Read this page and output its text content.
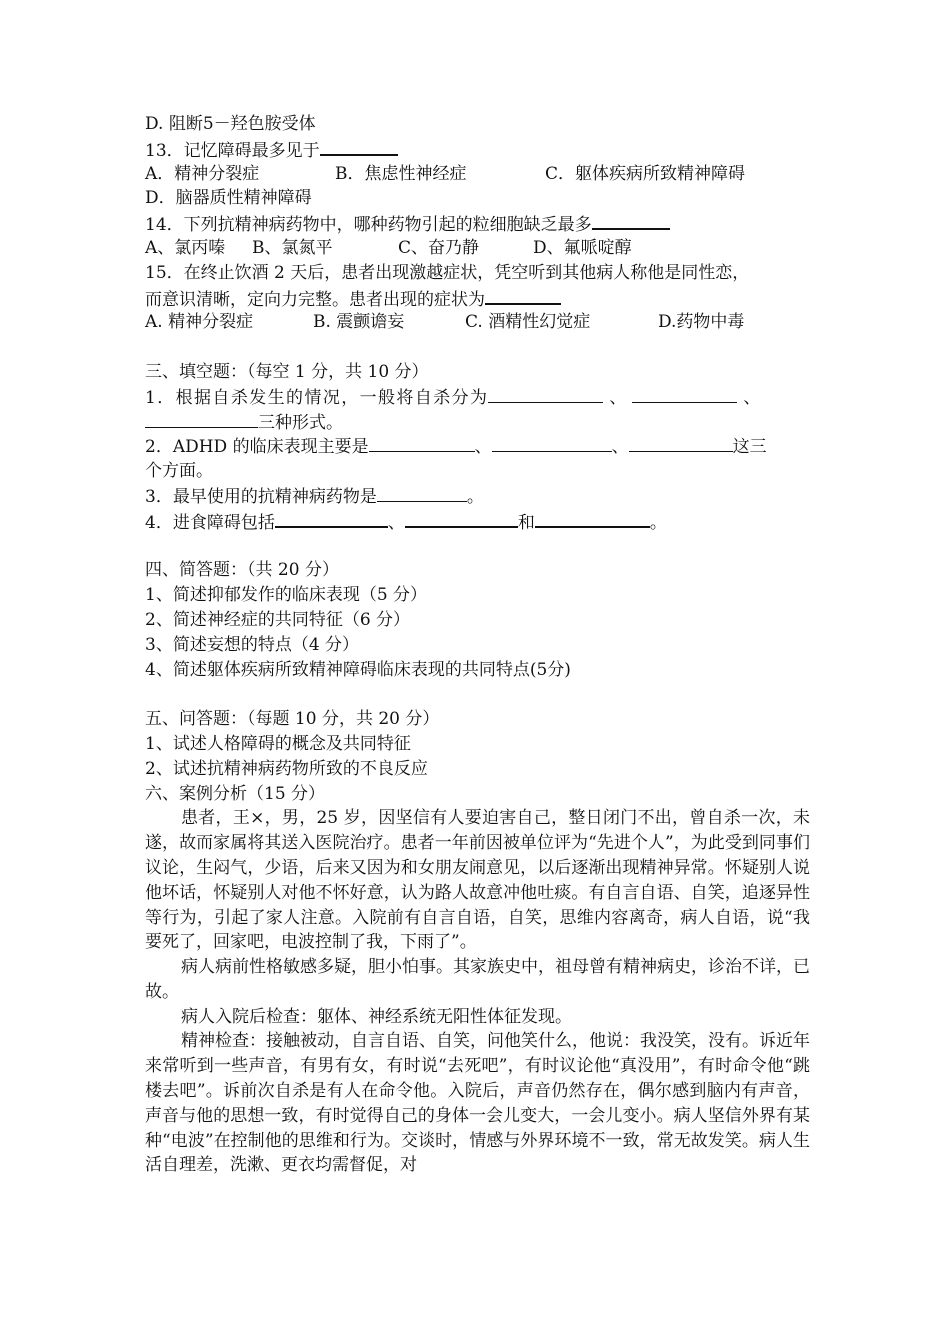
D. 阻断5－羟色胺受体
13．记忆障碍最多见于
A．精神分裂症	B．焦虑性神经症	C．躯体疾病所致精神障碍
D．脑器质性精神障碍
14．下列抗精神病药物中，哪种药物引起的粒细胞缺乏最多
A、氯丙嗪 B、氯氮平	C、奋乃静	D、氟哌啶醇
15．在终止饮酒 2 天后，患者出现激越症状，凭空听到其他病人称他是同性恋，
而意识清晰，定向力完整。患者出现的症状为
A. 精神分裂症	B. 震颤谵妄	C. 酒精性幻觉症	D.药物中毒
三、填空题：（每空 1 分，共 10 分）
1．根据自杀发生的情况，一般将自杀分为	、	、
三种形式。
2．ADHD 的临床表现主要是	、	、	这三
个方面。
3．最早使用的抗精神病药物是	。
4．进食障碍包括	、	和	。
四、简答题：（共 20 分）
1、简述抑郁发作的临床表现（5 分）
2、简述神经症的共同特征（6 分）
3、简述妄想的特点（4 分）
4、简述躯体疾病所致精神障碍临床表现的共同特点(5分)
五、问答题：（每题 10 分，共 20 分）
1、试述人格障碍的概念及共同特征
2、试述抗精神病药物所致的不良反应
六、案例分析（15 分）
患者，王×，男，25 岁，因坚信有人要迫害自己，整日闭门不出，曾自杀一次，未遂，故而家属将其送入医院治疗。患者一年前因被单位评为“先进个人”，为此受到同事们议论，生闷气，少语，后来又因为和女朋友闹意见，以后逐渐出现精神异常。怀疑别人说他坏话，怀疑别人对他不怀好意，认为路人故意冲他吐痰。有自言自语、自笑，追逐异性等行为，引起了家人注意。入院前有自言自语，自笑，思维内容离奇，病人自语，说“我要死了，回家吧，电波控制了我，下雨了”。
病人病前性格敏感多疑，胆小怕事。其家族史中，祖母曾有精神病史，诊治不详，已故。
病人入院后检查：躯体、神经系统无阳性体征发现。
精神检查：接触被动，自言自语、自笑，问他笑什么，他说：我没笑，没有。诉近年来常听到一些声音，有男有女，有时说“去死吧”，有时议论他“真没用”，有时命令他“跳楼去吧”。诉前次自杀是有人在命令他。入院后，声音仍然存在，偶尔感到脑内有声音，声音与他的思想一致，有时觉得自己的身体一会儿变大，一会儿变小。病人坚信外界有某种“电波”在控制他的思维和行为。交谈时，情感与外界环境不一致，常无故发笑。病人生活自理差，洗漱、更衣均需督促，对
